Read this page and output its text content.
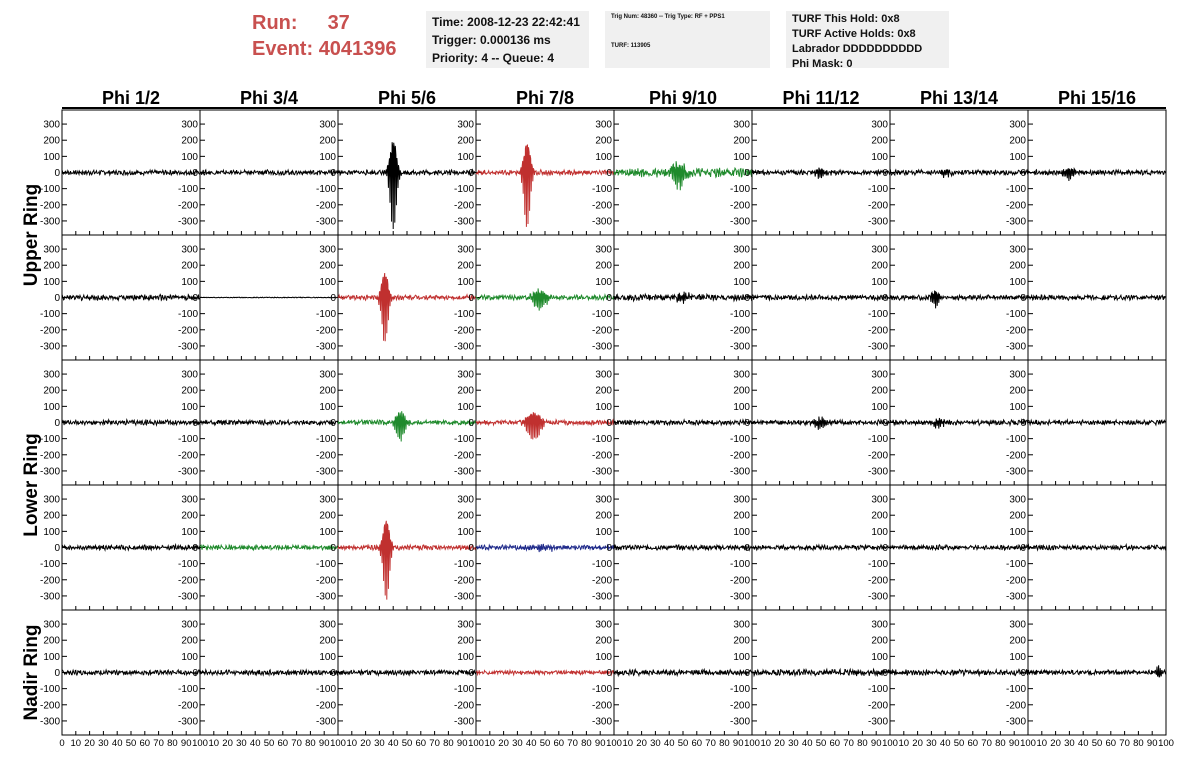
Run: 37
Event: 4041396
Time: 2008-12-23 22:42:41
Trigger: 0.000136 ms
Priority: 4 -- Queue: 4
Trig Num: 48360 -- Trig Type: RF + PPS1
TURF: 113905
TURF This Hold: 0x8
TURF Active Holds: 0x8
Labrador DDDDDDDDDD
Phi Mask: 0
Phi 1/2	Phi 3/4	Phi 5/6	Phi 7/8	Phi 9/10	Phi 11/12	Phi 13/14	Phi 15/16
Upper Ring
Lower Ring
Nadir Ring
300
200
100
0
-100
-200
-300
300
200
100
0
-100
-200
-300
300
200
100
0
-100
-200
-300
300
200
100
0
-100
-200
-300
300
200
100
0
-100
-200
-300
300
200
100
0
-100
-200
-300
300
200
100
0
-100
-200
-300
300
200
100
0
-100
-200
-300
300
200
100
0
-100
-200
-300
300
200
100
0
-100
-200
-300
300
200
100
0
-100
-200
-300
300
200
100
0
-100
-200
-300
300
200
100
0
-100
-200
-300
300
200
100
0
-100
-200
-300
300
200
100
0
-100
-200
-300
300
200
100
0
-100
-200
-300
300
200
100
0
-100
-200
-300
300
200
100
0
-100
-200
-300
300
200
100
0
-100
-200
-300
300
200
100
0
-100
-200
-300
300
200
100
0
-100
-200
-300
300
200
100
0
-100
-200
-300
300
200
100
0
-100
-200
-300
300
200
100
0
-100
-200
-300
300
200
100
0
-100
-200
-300
300
200
100
0
-100
-200
-300
300
200
100
0
-100
-200
-300
300
200
100
0
-100
-200
-300
300
200
100
0
-100
-200
-300
300
200
100
0
-100
-200
-300
300
200
100
0
-100
-200
-300
300
200
100
0
-100
-200
-300
300
200
100
0
-100
-200
-300
300
200
100
0
-100
-200
-300
300
200
100
0
-100
-200
-300
300
200
100
0
-100
-200
-300
300
200
100
0
-100
-200
-300
300
200
100
0
-100
-200
-300
300
200
100
0
-100
-200
-300
300
200
100
0
-100
-200
-300
0 10 20 30 40 50 60 70 80 90 100 10 20 30 40 50 60 70 80 90 100 10 20 30 40 50 60 70 80 90 100 10 20 30 40 50 60 70 80 90 100 10 20 30 40 50 60 70 80 90 100 10 20 30 40 50 60 70 80 90 100 10 20 30 40 50 60 70 80 90 100 10 20 30 40 50 60 70 80 90 100
